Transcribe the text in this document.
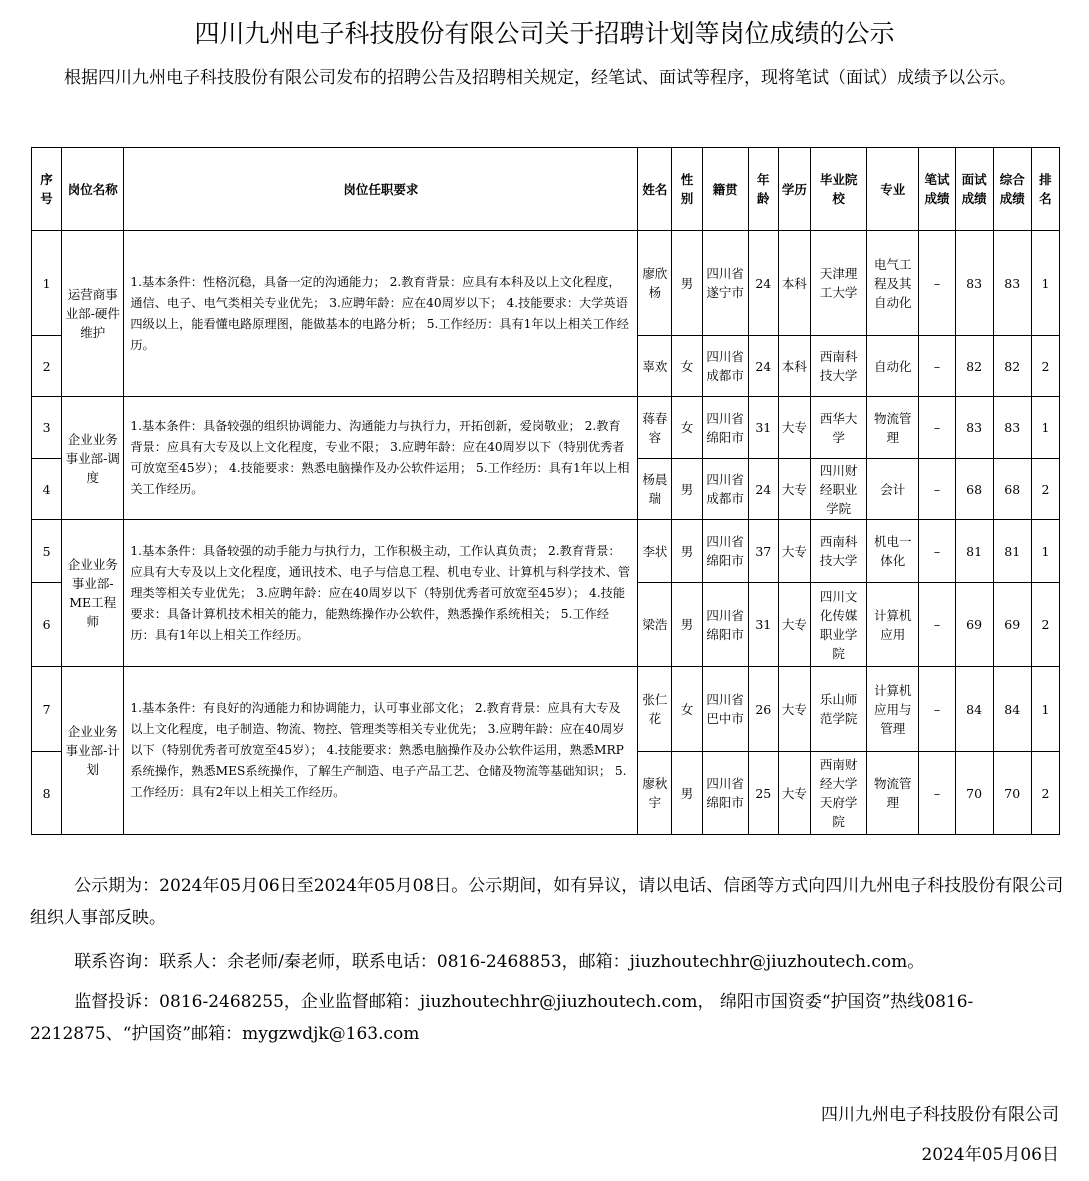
四川九州电子科技股份有限公司关于招聘计划等岗位成绩的公示
根据四川九州电子科技股份有限公司发布的招聘公告及招聘相关规定，经笔试、面试等程序，现将笔试（面试）成绩予以公示。
序号	岗位名称	岗位任职要求	姓名	性别	籍贯	年龄	学历	毕业院校	专业	笔试成绩	面试成绩	综合成绩	排名
1	运营商事业部-硬件维护	1.基本条件：性格沉稳，具备一定的沟通能力； 2.教育背景：应具有本科及以上文化程度，通信、电子、电气类相关专业优先； 3.应聘年龄：应在40周岁以下； 4.技能要求：大学英语四级以上，能看懂电路原理图，能做基本的电路分析； 5.工作经历：具有1年以上相关工作经历。	廖欣杨	男	四川省遂宁市	24	本科	天津理工大学	电气工程及其自动化	–	83	83	1
2			辜欢	女	四川省成都市	24	本科	西南科技大学	自动化	–	82	82	2
3	企业业务事业部-调度	1.基本条件：具备较强的组织协调能力、沟通能力与执行力，开拓创新，爱岗敬业； 2.教育背景：应具有大专及以上文化程度，专业不限； 3.应聘年龄：应在40周岁以下（特别优秀者可放宽至45岁）； 4.技能要求：熟悉电脑操作及办公软件运用； 5.工作经历：具有1年以上相关工作经历。	蒋春容	女	四川省绵阳市	31	大专	西华大学	物流管理	–	83	83	1
4			杨晨瑞	男	四川省成都市	24	大专	四川财经职业学院	会计	–	68	68	2
5	企业业务事业部-ME工程师	1.基本条件：具备较强的动手能力与执行力，工作积极主动，工作认真负责； 2.教育背景：应具有大专及以上文化程度，通讯技术、电子与信息工程、机电专业、计算机与科学技术、管理类等相关专业优先； 3.应聘年龄：应在40周岁以下（特别优秀者可放宽至45岁）； 4.技能要求：具备计算机技术相关的能力，能熟练操作办公软件，熟悉操作系统相关； 5.工作经历：具有1年以上相关工作经历。	李状	男	四川省绵阳市	37	大专	西南科技大学	机电一体化	–	81	81	1
6			梁浩	男	四川省绵阳市	31	大专	四川文化传媒职业学院	计算机应用	–	69	69	2
7	企业业务事业部-计划	1.基本条件：有良好的沟通能力和协调能力，认可事业部文化； 2.教育背景：应具有大专及以上文化程度，电子制造、物流、物控、管理类等相关专业优先； 3.应聘年龄：应在40周岁以下（特别优秀者可放宽至45岁）； 4.技能要求：熟悉电脑操作及办公软件运用，熟悉MRP系统操作，熟悉MES系统操作，了解生产制造、电子产品工艺、仓储及物流等基础知识； 5.工作经历：具有2年以上相关工作经历。	张仁花	女	四川省巴中市	26	大专	乐山师范学院	计算机应用与管理	–	84	84	1
8			廖秋宇	男	四川省绵阳市	25	大专	西南财经大学天府学院	物流管理	–	70	70	2
公示期为：2024年05月06日至2024年05月08日。公示期间，如有异议，请以电话、信函等方式向四川九州电子科技股份有限公司 组织人事部反映。
联系咨询：联系人：余老师/秦老师，联系电话：0816-2468853，邮箱：jiuzhoutechhr@jiuzhoutech.com。
监督投诉：0816-2468255，企业监督邮箱：jiuzhoutechhr@jiuzhoutech.com， 绵阳市国资委“护国资”热线0816-2212875、“护国资”邮箱：mygzwdjk@163.com
四川九州电子科技股份有限公司
2024年05月06日
